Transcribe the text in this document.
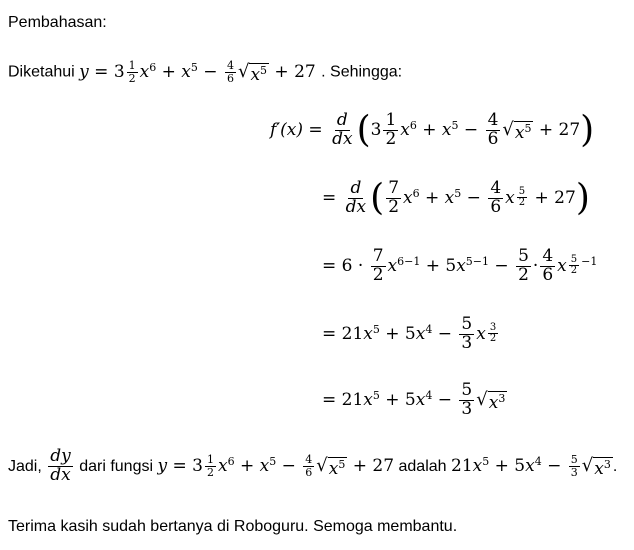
Pembahasan:
Diketahui $y = 3 \frac{1}{2} x^6 + x^5 - \frac{4}{6}$ √ $x^5 + 27$ . Sehingga:
$f'(x) = \frac{d}{dx} (3 \frac{1}{2} x^6 + x^5 - \frac{4}{6}$ √ $x^5 + 27$)
= $\frac{d}{dx}$ ( $\frac{7}{2} x^6 + x^5 - \frac{4}{6}$ x $\frac{5}{2} + 27$)
= $6 \cdot \frac{7}{2} x^{6-1} + 5x^{5-1} - \frac{5}{2} \cdot \frac{4}{6}$ x $\frac{5}{2} ^{-1}$
= $21x^5 + 5x^4 - \frac{5}{3}$ x $\frac{3}{2}$
= $21x^5 + 5x^4 - \frac{5}{3}$ √ $x^3$
Jadi, $\frac{dy}{dx}$ dari fungsi $y = 3 \frac{1}{2} x^6 + x^5 - \frac{4}{6}$ √ $x^5 + 27$ adalah $21x^5 + 5x^4 - \frac{5}{3}$ √ $x^3$ .
Terima kasih sudah bertanya di Roboguru. Semoga membantu.
